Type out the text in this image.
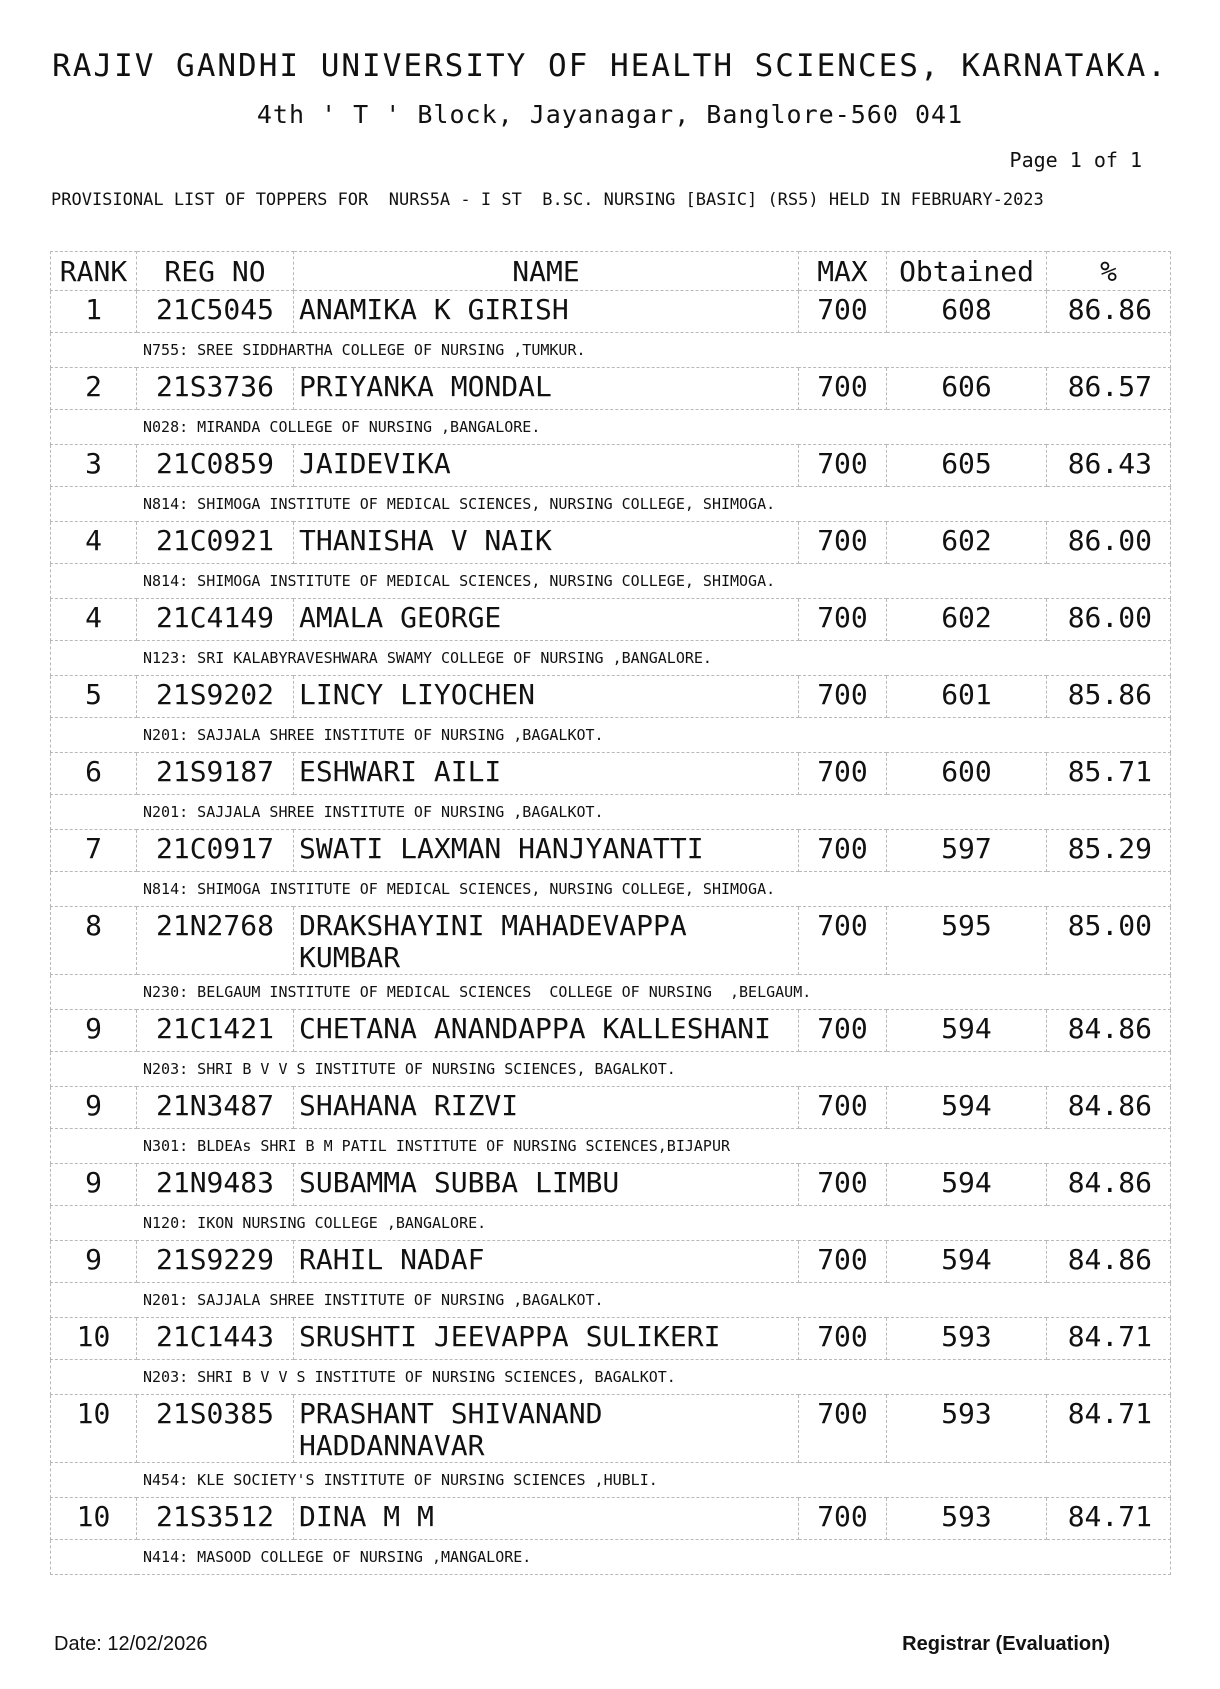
RAJIV GANDHI UNIVERSITY OF HEALTH SCIENCES, KARNATAKA.
4th ' T ' Block, Jayanagar, Banglore-560 041
Page 1 of 1
PROVISIONAL LIST OF TOPPERS FOR  NURS5A - I ST  B.SC. NURSING [BASIC] (RS5) HELD IN FEBRUARY-2023
RANK	REG NO	NAME	MAX	Obtained	%
1	21C5045	ANAMIKA K GIRISH	700	608	86.86
N755: SREE SIDDHARTHA COLLEGE OF NURSING ,TUMKUR.					
2	21S3736	PRIYANKA MONDAL	700	606	86.57
N028: MIRANDA COLLEGE OF NURSING ,BANGALORE.					
3	21C0859	JAIDEVIKA	700	605	86.43
N814: SHIMOGA INSTITUTE OF MEDICAL SCIENCES, NURSING COLLEGE, SHIMOGA.					
4	21C0921	THANISHA V NAIK	700	602	86.00
N814: SHIMOGA INSTITUTE OF MEDICAL SCIENCES, NURSING COLLEGE, SHIMOGA.					
4	21C4149	AMALA GEORGE	700	602	86.00
N123: SRI KALABYRAVESHWARA SWAMY COLLEGE OF NURSING ,BANGALORE.					
5	21S9202	LINCY LIYOCHEN	700	601	85.86
N201: SAJJALA SHREE INSTITUTE OF NURSING ,BAGALKOT.					
6	21S9187	ESHWARI AILI	700	600	85.71
N201: SAJJALA SHREE INSTITUTE OF NURSING ,BAGALKOT.					
7	21C0917	SWATI LAXMAN HANJYANATTI	700	597	85.29
N814: SHIMOGA INSTITUTE OF MEDICAL SCIENCES, NURSING COLLEGE, SHIMOGA.					
8	21N2768	DRAKSHAYINI MAHADEVAPPA KUMBAR	700	595	85.00
N230: BELGAUM INSTITUTE OF MEDICAL SCIENCES  COLLEGE OF NURSING  ,BELGAUM.					
9	21C1421	CHETANA ANANDAPPA KALLESHANI	700	594	84.86
N203: SHRI B V V S INSTITUTE OF NURSING SCIENCES, BAGALKOT.					
9	21N3487	SHAHANA RIZVI	700	594	84.86
N301: BLDEAs SHRI B M PATIL INSTITUTE OF NURSING SCIENCES,BIJAPUR					
9	21N9483	SUBAMMA SUBBA LIMBU	700	594	84.86
N120: IKON NURSING COLLEGE ,BANGALORE.					
9	21S9229	RAHIL NADAF	700	594	84.86
N201: SAJJALA SHREE INSTITUTE OF NURSING ,BAGALKOT.					
10	21C1443	SRUSHTI JEEVAPPA SULIKERI	700	593	84.71
N203: SHRI B V V S INSTITUTE OF NURSING SCIENCES, BAGALKOT.					
10	21S0385	PRASHANT SHIVANAND HADDANNAVAR	700	593	84.71
N454: KLE SOCIETY'S INSTITUTE OF NURSING SCIENCES ,HUBLI.					
10	21S3512	DINA M M	700	593	84.71
N414: MASOOD COLLEGE OF NURSING ,MANGALORE.					
Date: 12/02/2026	Registrar (Evaluation)
